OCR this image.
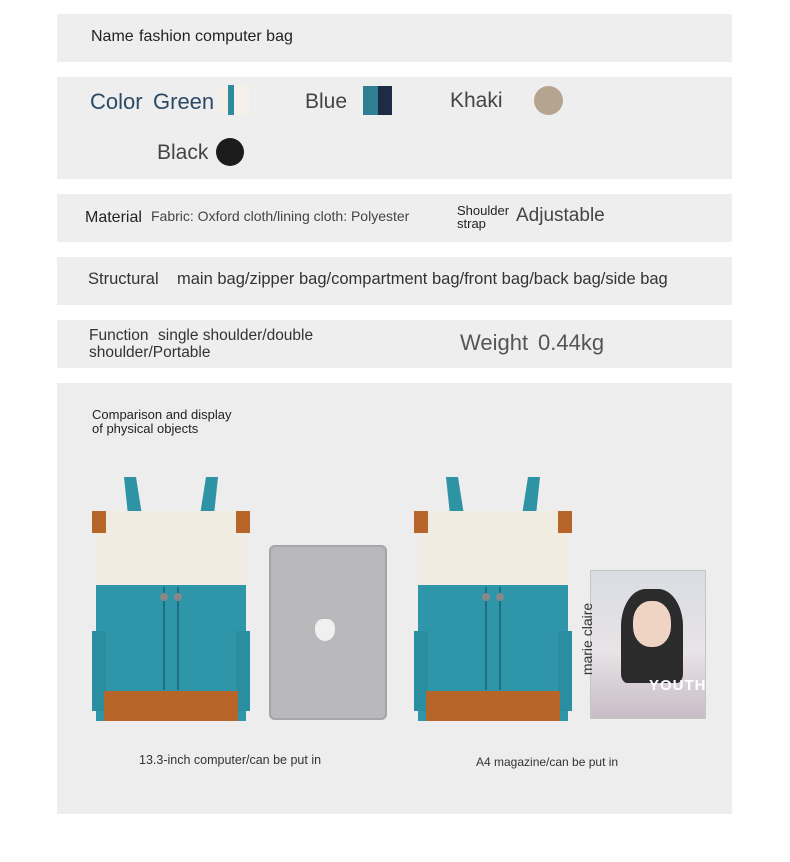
Name fashion computer bag
Color Green	Blue	Khaki
Black
Material Fabric: Oxford cloth/lining cloth: Polyester	Shoulder
strap Adjustable
Structural main bag/zipper bag/compartment bag/front bag/back bag/side bag
Function single shoulder/double
shoulder/Portable	Weight 0.44kg
Comparison and display
of physical objects
marie claire
YOUTH
13.3-inch computer/can be put in	A4 magazine/can be put in
